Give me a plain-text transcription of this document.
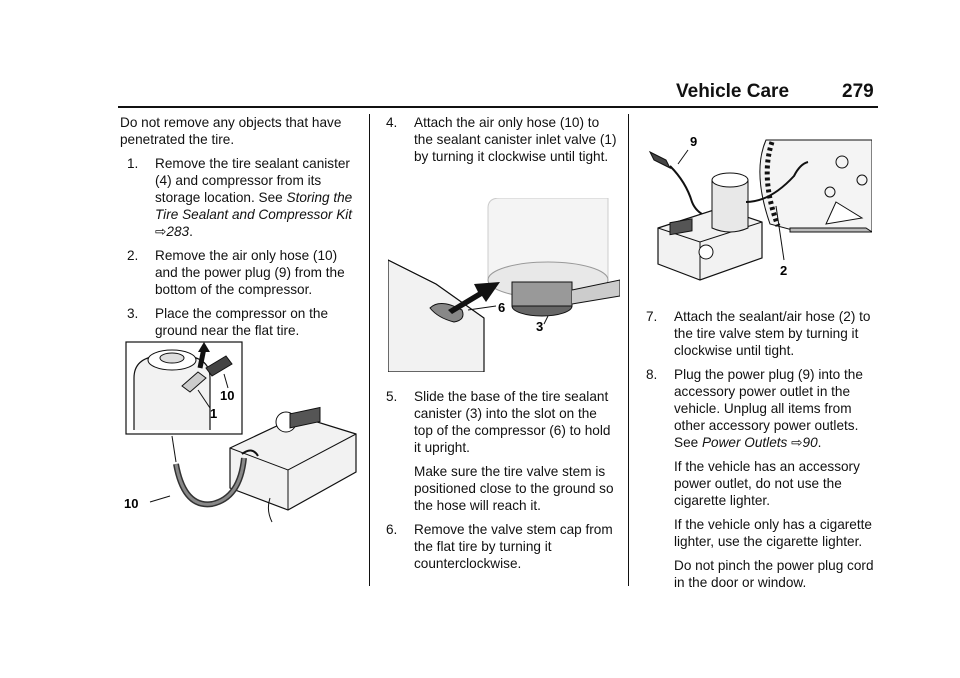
Vehicle Care	279

Do not remove any objects that have penetrated the tire.

1. Remove the tire sealant canister (4) and compressor from its storage location. See Storing the Tire Sealant and Compressor Kit ⇨283.
2. Remove the air only hose (10) and the power plug (9) from the bottom of the compressor.
3. Place the compressor on the ground near the flat tire.
10
1
10
4. Attach the air only hose (10) to the sealant canister inlet valve (1) by turning it clockwise until tight.
6
3
5. Slide the base of the tire sealant canister (3) into the slot on the top of the compressor (6) to hold it upright.

Make sure the tire valve stem is positioned close to the ground so the hose will reach it.

6. Remove the valve stem cap from the flat tire by turning it counterclockwise.
9
2
7. Attach the sealant/air hose (2) to the tire valve stem by turning it clockwise until tight.
8. Plug the power plug (9) into the accessory power outlet in the vehicle. Unplug all items from other accessory power outlets. See Power Outlets ⇨90.

If the vehicle has an accessory power outlet, do not use the cigarette lighter.

If the vehicle only has a cigarette lighter, use the cigarette lighter.

Do not pinch the power plug cord in the door or window.
